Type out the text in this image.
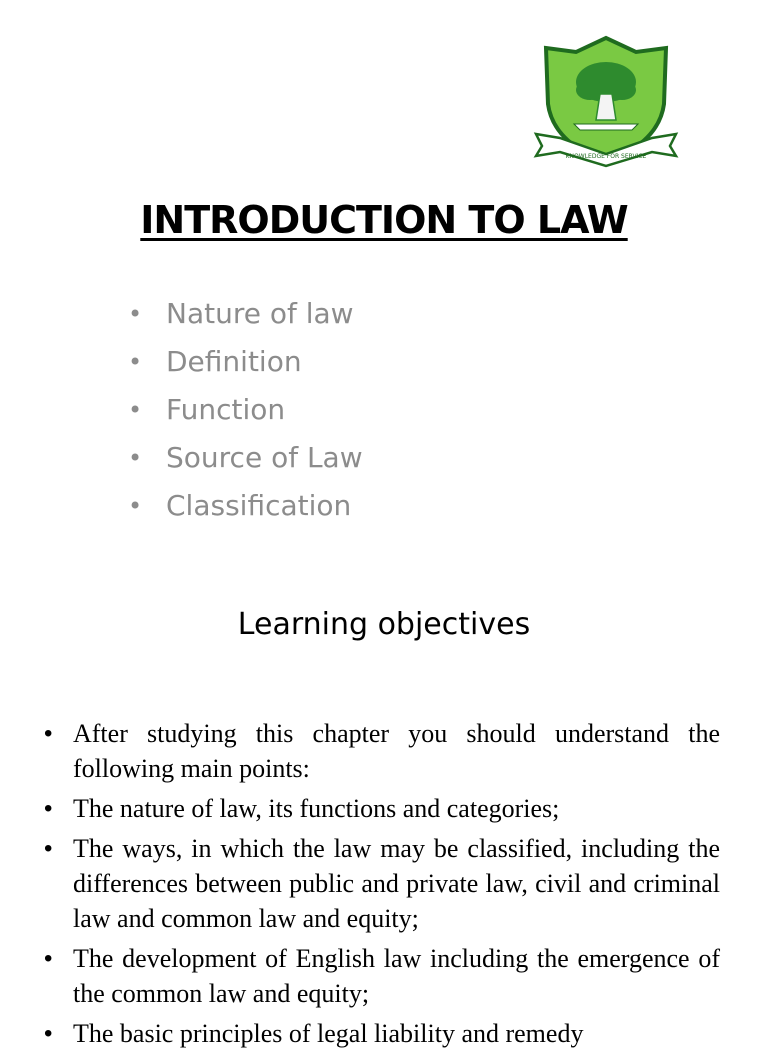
KNOWLEDGE FOR SERVICE
INTRODUCTION TO LAW
• Nature of law
• Definition
• Function
• Source of Law
• Classification
Learning objectives
• After studying this chapter you should understand the following main points:
• The nature of law, its functions and categories;
• The ways, in which the law may be classified, including the differences between public and private law, civil and criminal law and common law and equity;
• The development of English law including the emergence of the common law and equity;
• The basic principles of legal liability and remedy
